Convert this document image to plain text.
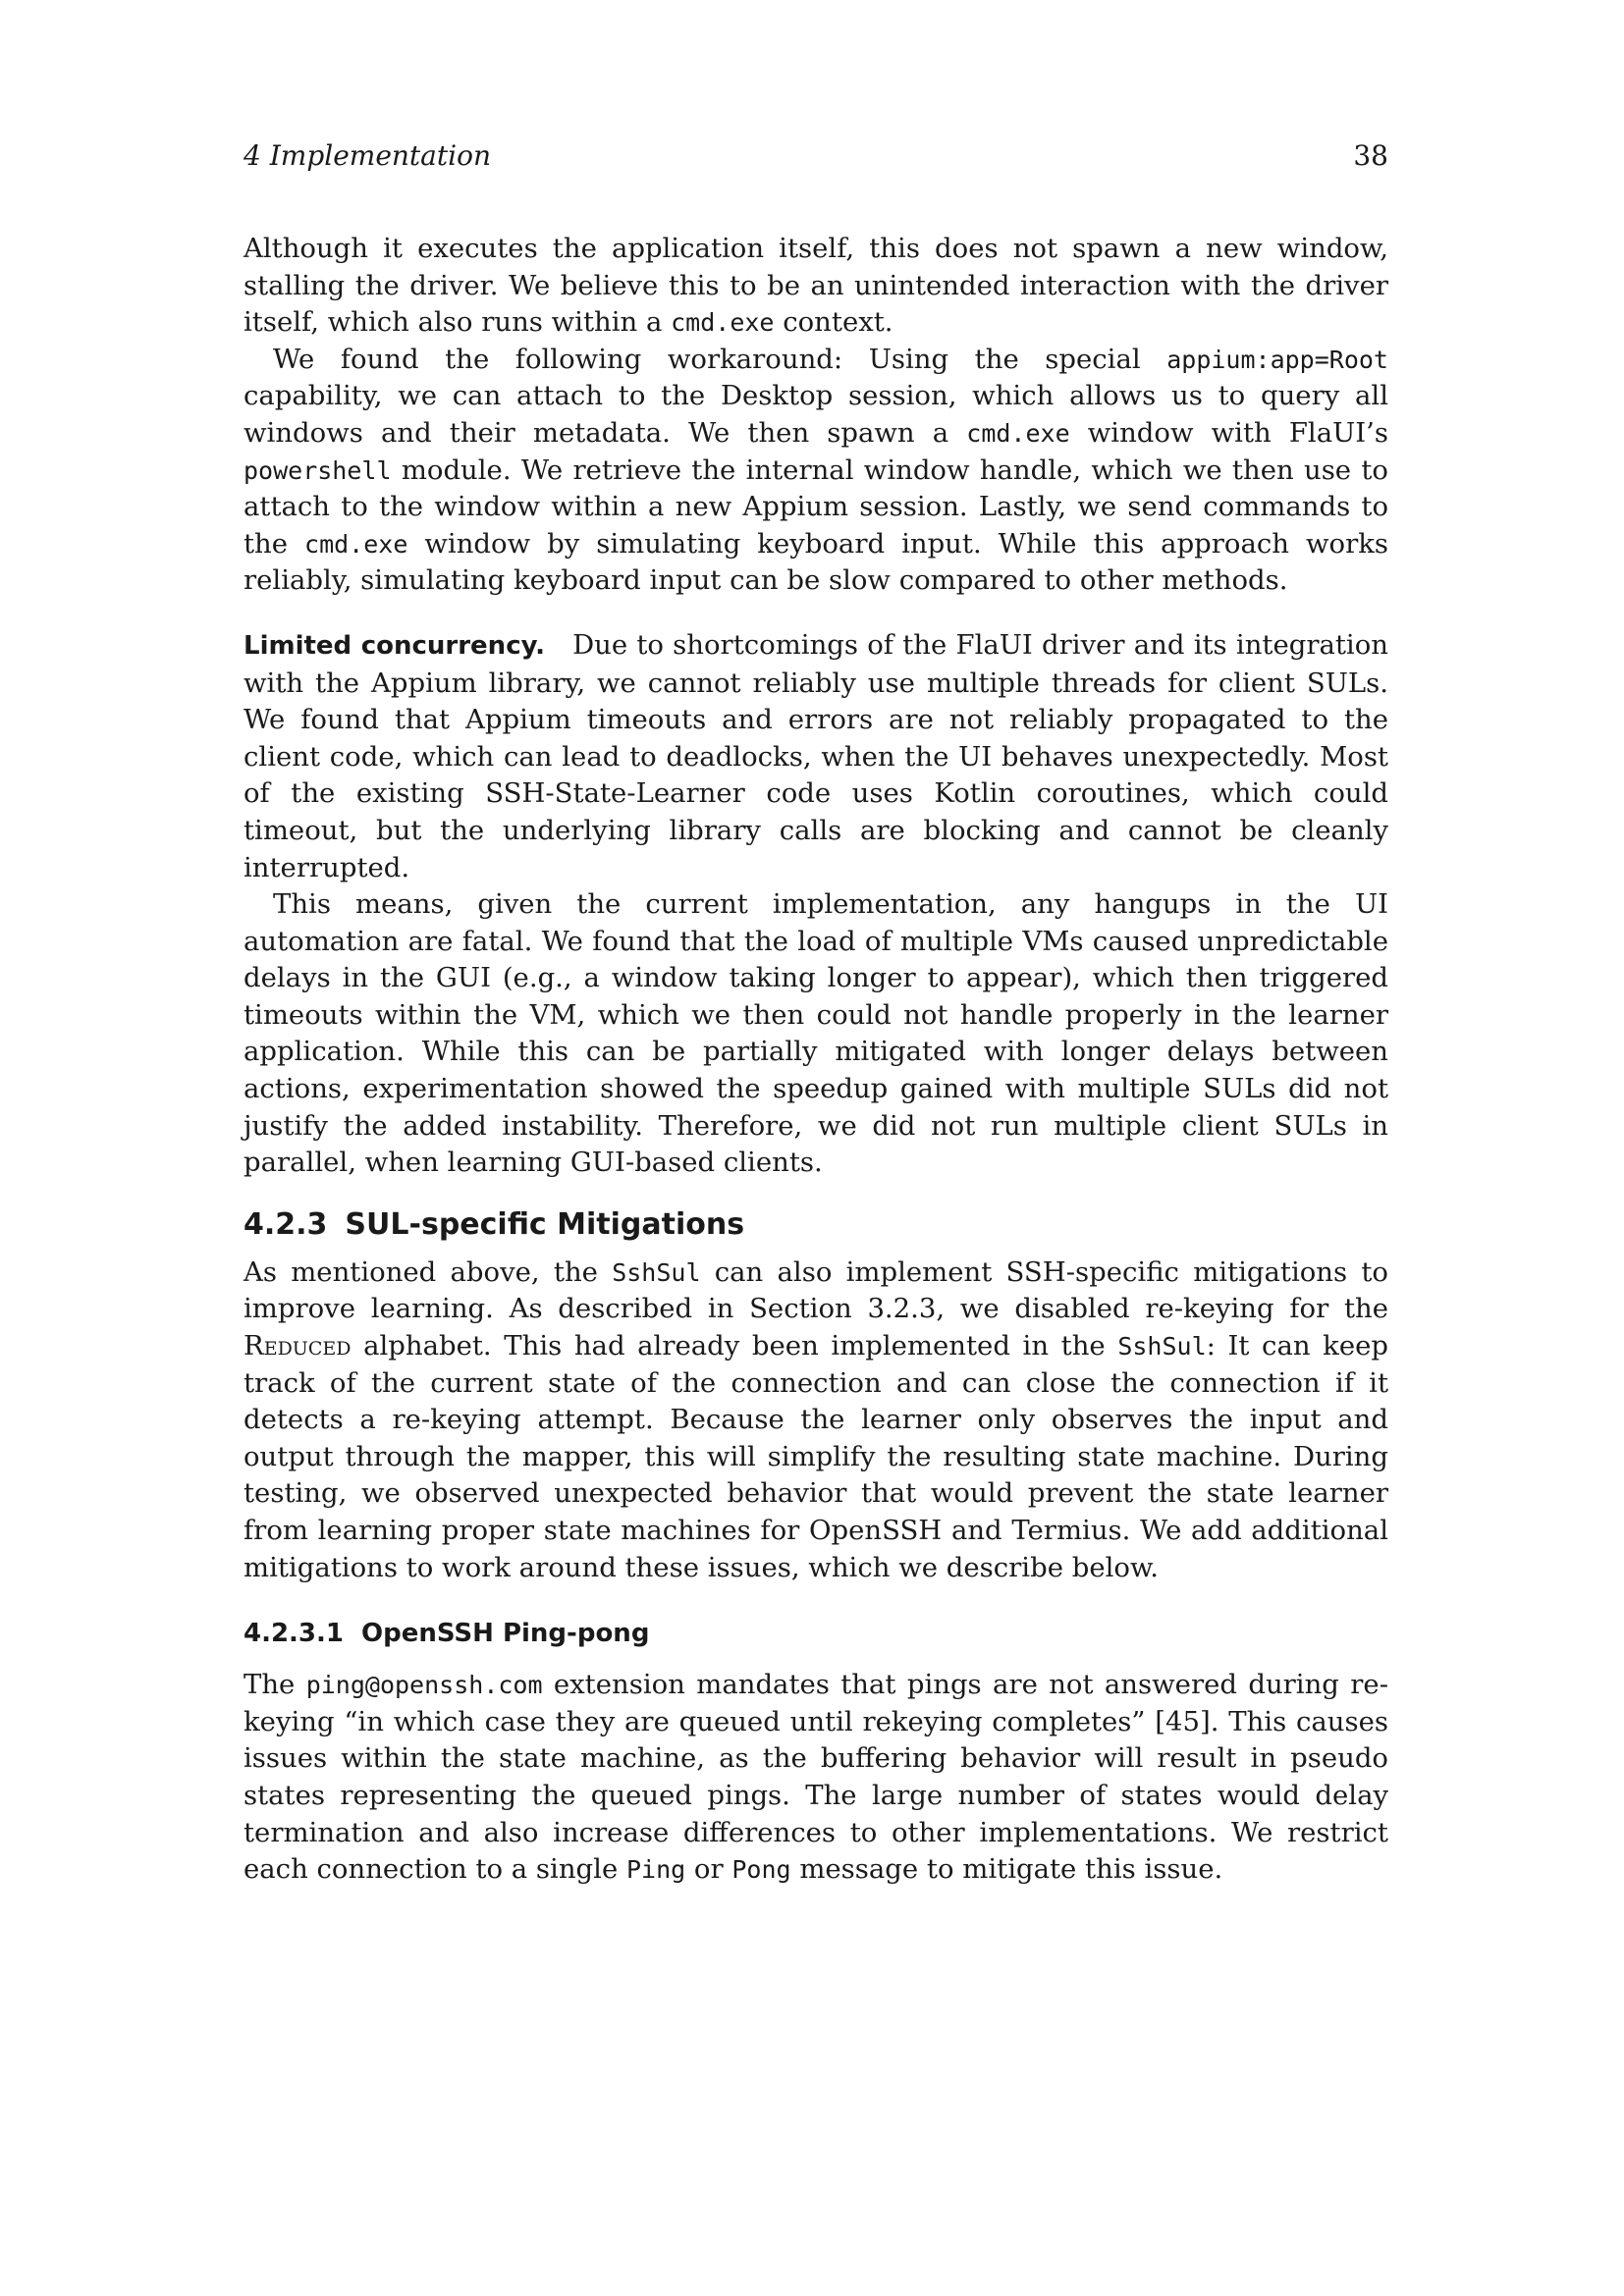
4 Implementation	38

Although it executes the application itself, this does not spawn a new window, stalling the driver. We believe this to be an unintended interaction with the driver itself, which also runs within a cmd.exe context.

We found the following workaround: Using the special appium:app=Root capability, we can attach to the Desktop session, which allows us to query all windows and their metadata. We then spawn a cmd.exe window with FlaUI’s powershell module. We retrieve the internal window handle, which we then use to attach to the window within a new Appium session. Lastly, we send commands to the cmd.exe window by simulating keyboard input. While this approach works reliably, simulating keyboard input can be slow compared to other methods.

Limited concurrency. Due to shortcomings of the FlaUI driver and its integration with the Appium library, we cannot reliably use multiple threads for client SULs. We found that Appium timeouts and errors are not reliably propagated to the client code, which can lead to deadlocks, when the UI behaves unexpectedly. Most of the existing SSH-State-Learner code uses Kotlin coroutines, which could timeout, but the underlying library calls are blocking and cannot be cleanly interrupted.

This means, given the current implementation, any hangups in the UI automation are fatal. We found that the load of multiple VMs caused unpredictable delays in the GUI (e.g., a window taking longer to appear), which then triggered timeouts within the VM, which we then could not handle properly in the learner application. While this can be partially mitigated with longer delays between actions, experimentation showed the speedup gained with multiple SULs did not justify the added instability. Therefore, we did not run multiple client SULs in parallel, when learning GUI-based clients.

4.2.3 SUL-specific Mitigations

As mentioned above, the SshSul can also implement SSH-specific mitigations to improve learning. As described in Section 3.2.3, we disabled re-keying for the Reduced alphabet. This had already been implemented in the SshSul: It can keep track of the current state of the connection and can close the connection if it detects a re-keying attempt. Because the learner only observes the input and output through the mapper, this will simplify the resulting state machine. During testing, we observed unexpected behavior that would prevent the state learner from learning proper state machines for OpenSSH and Termius. We add additional mitigations to work around these issues, which we describe below.

4.2.3.1 OpenSSH Ping-pong

The ping@openssh.com extension mandates that pings are not answered during re-keying “in which case they are queued until rekeying completes” [45]. This causes issues within the state machine, as the buffering behavior will result in pseudo states representing the queued pings. The large number of states would delay termination and also increase differences to other implementations. We restrict each connection to a single Ping or Pong message to mitigate this issue.
